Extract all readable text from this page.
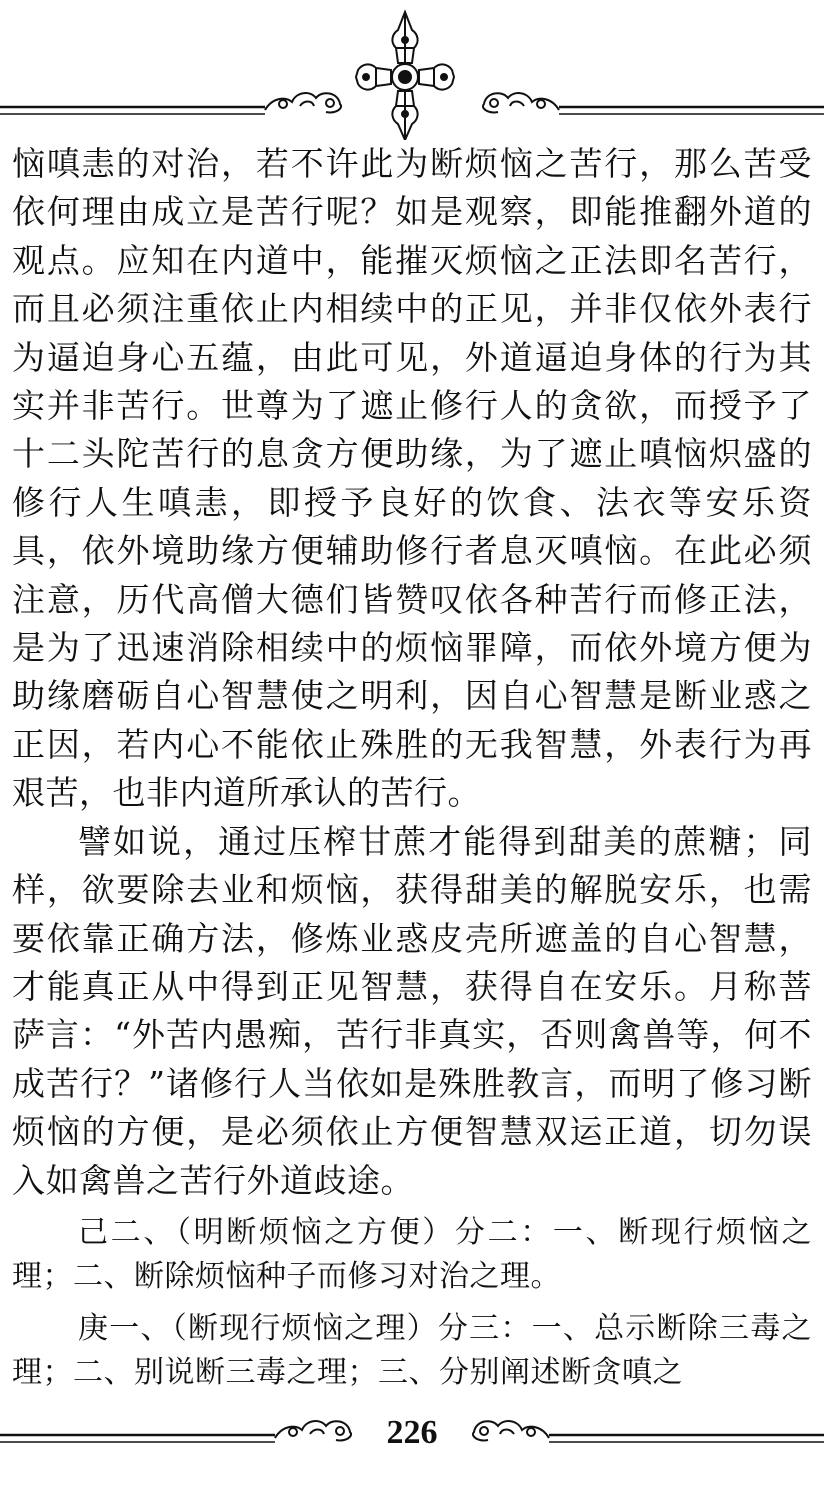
恼嗔恚的对治，若不许此为断烦恼之苦行，那么苦受依何理由成立是苦行呢？如是观察，即能推翻外道的观点。应知在内道中，能摧灭烦恼之正法即名苦行，而且必须注重依止内相续中的正见，并非仅依外表行为逼迫身心五蕴，由此可见，外道逼迫身体的行为其实并非苦行。世尊为了遮止修行人的贪欲，而授予了十二头陀苦行的息贪方便助缘，为了遮止嗔恼炽盛的修行人生嗔恚，即授予良好的饮食、法衣等安乐资具，依外境助缘方便辅助修行者息灭嗔恼。在此必须注意，历代高僧大德们皆赞叹依各种苦行而修正法，是为了迅速消除相续中的烦恼罪障，而依外境方便为助缘磨砺自心智慧使之明利，因自心智慧是断业惑之正因，若内心不能依止殊胜的无我智慧，外表行为再艰苦，也非内道所承认的苦行。

譬如说，通过压榨甘蔗才能得到甜美的蔗糖；同样，欲要除去业和烦恼，获得甜美的解脱安乐，也需要依靠正确方法，修炼业惑皮壳所遮盖的自心智慧，才能真正从中得到正见智慧，获得自在安乐。月称菩萨言：“外苦内愚痴，苦行非真实，否则禽兽等，何不成苦行？”诸修行人当依如是殊胜教言，而明了修习断烦恼的方便，是必须依止方便智慧双运正道，切勿误入如禽兽之苦行外道歧途。

己二、（明断烦恼之方便）分二：一、断现行烦恼之理；二、断除烦恼种子而修习对治之理。

庚一、（断现行烦恼之理）分三：一、总示断除三毒之理；二、别说断三毒之理；三、分别阐述断贪嗔之

226
